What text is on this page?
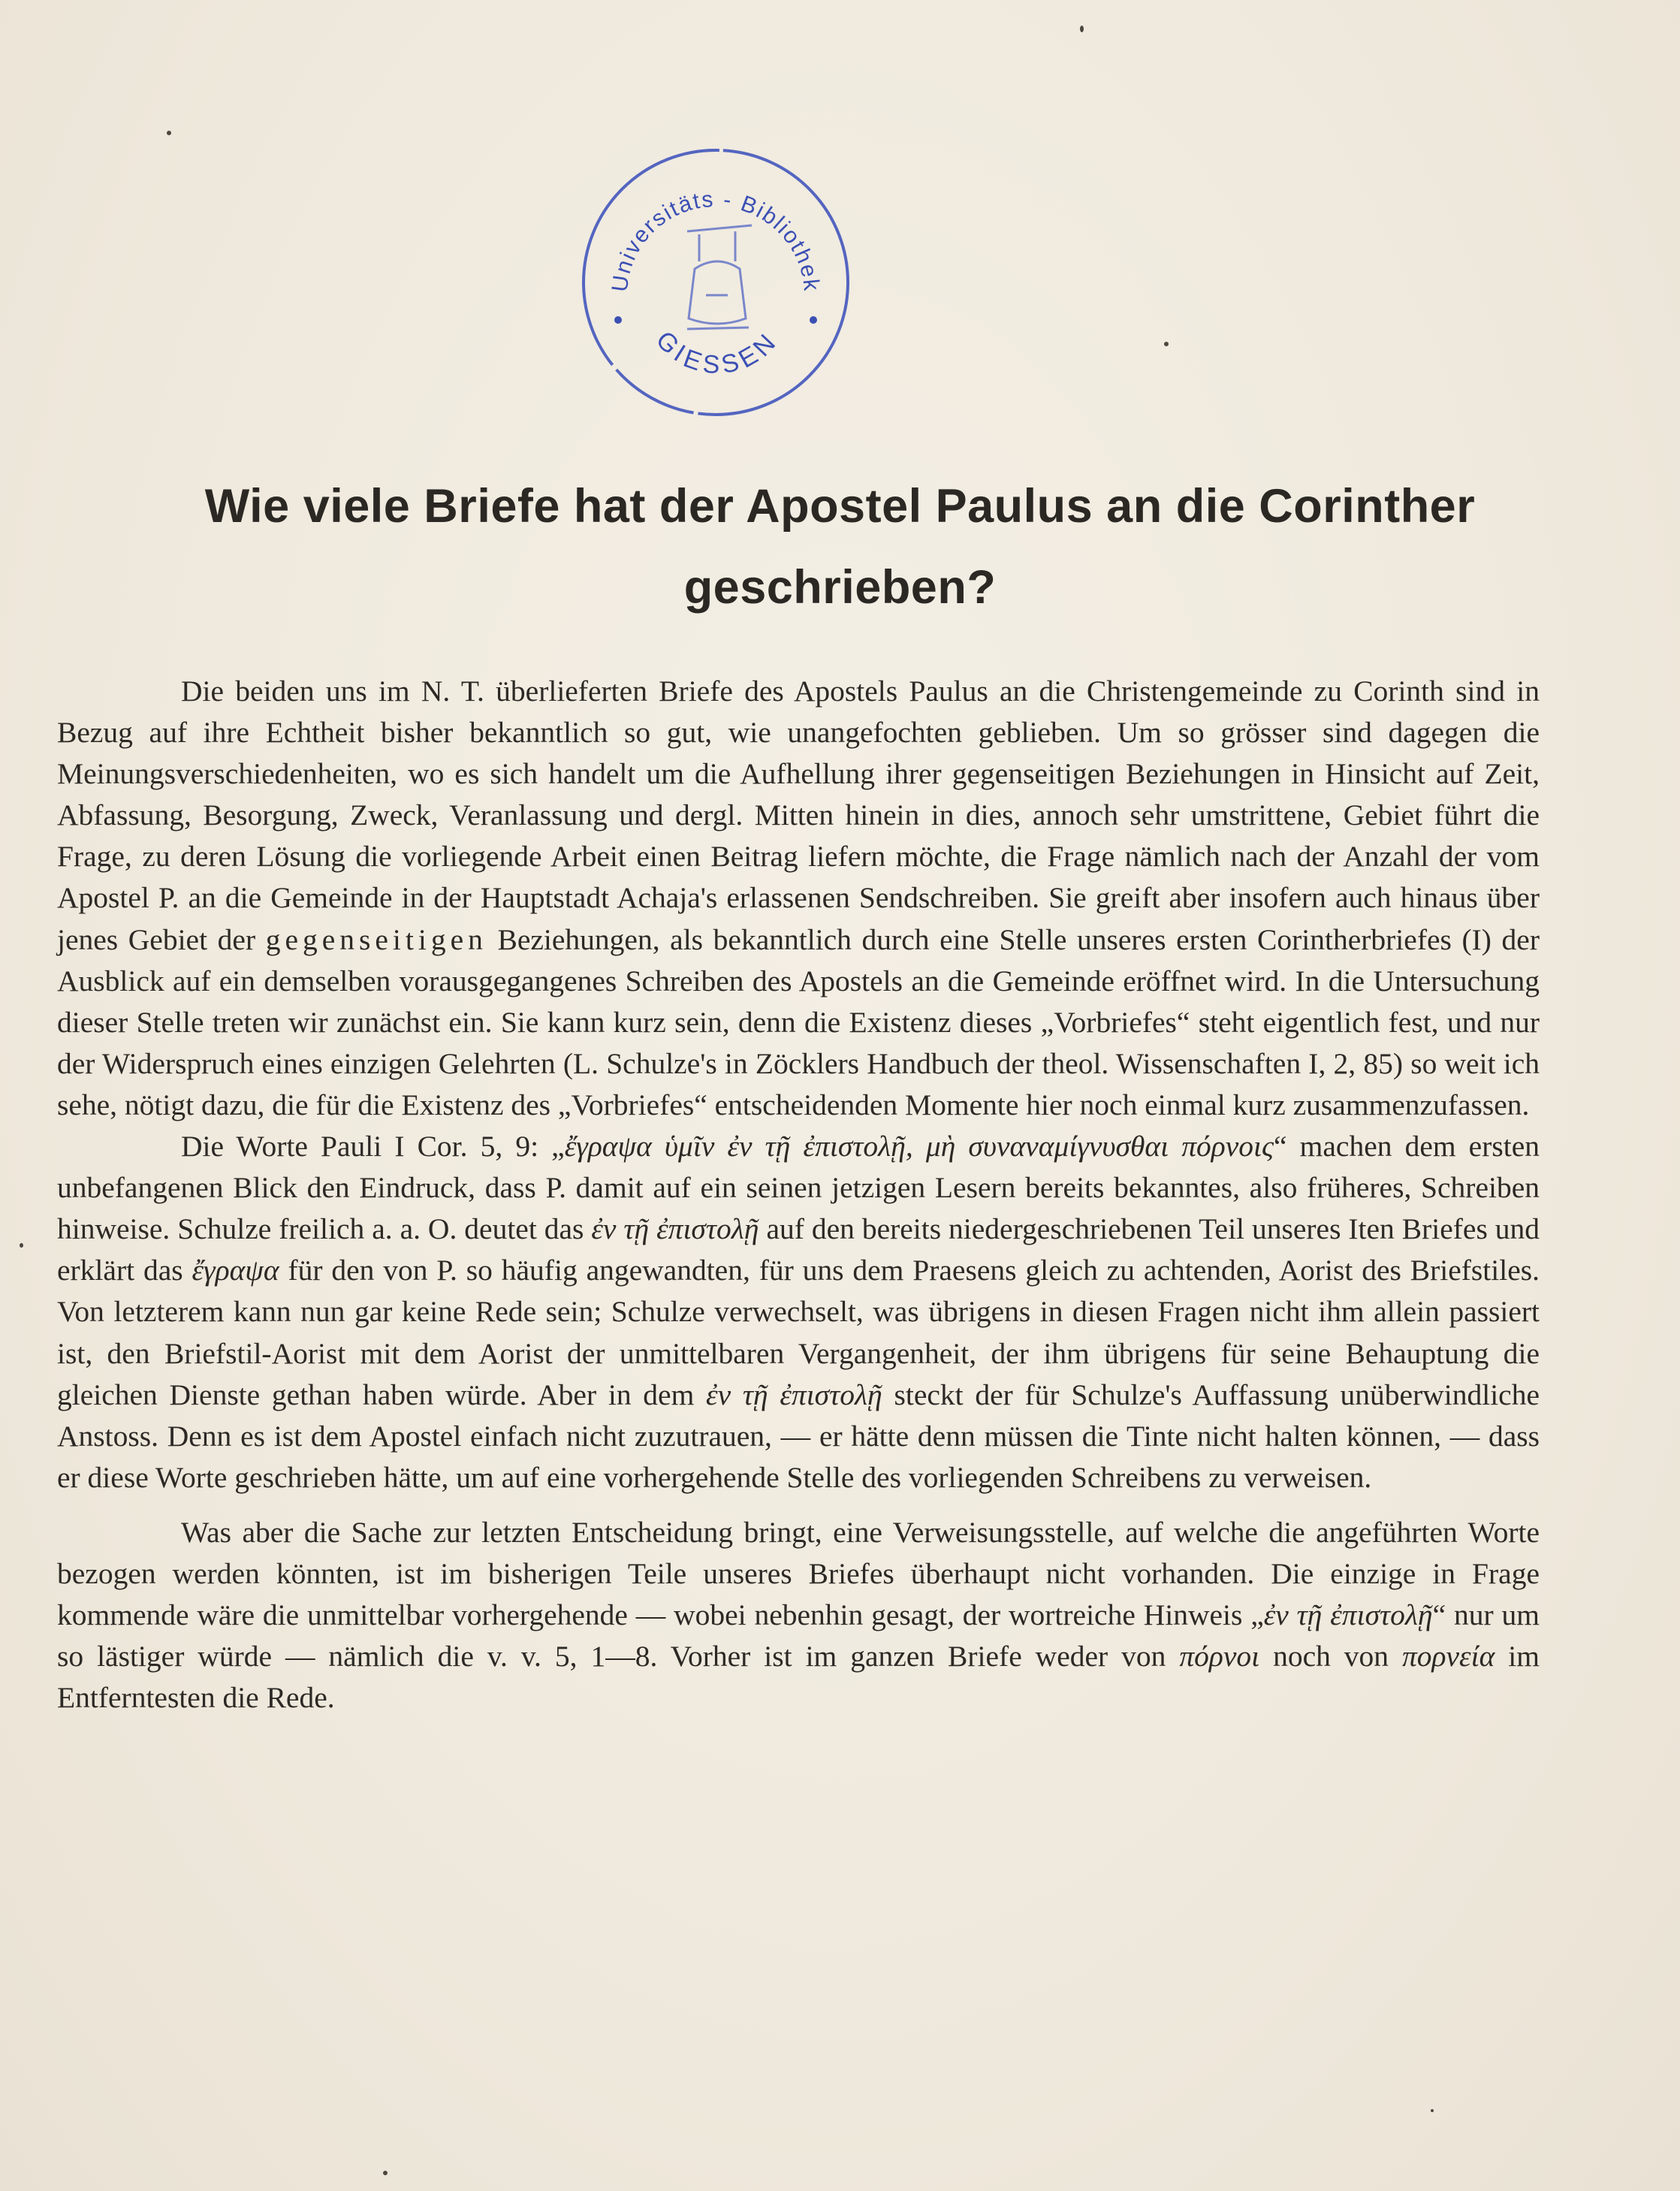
Universitäts - Bibliothek
GIESSEN
Wie viele Briefe hat der Apostel Paulus an die Corinther
geschrieben?

Die beiden uns im N. T. überlieferten Briefe des Apostels Paulus an die Christengemeinde zu Corinth sind in Bezug auf ihre Echtheit bisher bekanntlich so gut, wie unangefochten geblieben. Um so grösser sind dagegen die Meinungsverschiedenheiten, wo es sich handelt um die Aufhellung ihrer gegenseitigen Beziehungen in Hinsicht auf Zeit, Abfassung, Besorgung, Zweck, Veranlassung und dergl. Mitten hinein in dies, annoch sehr umstrittene, Gebiet führt die Frage, zu deren Lösung die vorliegende Arbeit einen Beitrag liefern möchte, die Frage nämlich nach der Anzahl der vom Apostel P. an die Gemeinde in der Hauptstadt Achaja's erlassenen Sendschreiben. Sie greift aber insofern auch hinaus über jenes Gebiet der gegenseitigen Beziehungen, als bekanntlich durch eine Stelle unseres ersten Corintherbriefes (I) der Ausblick auf ein demselben vorausgegangenes Schreiben des Apostels an die Gemeinde eröffnet wird. In die Untersuchung dieser Stelle treten wir zunächst ein. Sie kann kurz sein, denn die Existenz dieses „Vorbriefes“ steht eigentlich fest, und nur der Widerspruch eines einzigen Gelehrten (L. Schulze's in Zöcklers Handbuch der theol. Wissenschaften I, 2, 85) so weit ich sehe, nötigt dazu, die für die Existenz des „Vorbriefes“ entscheidenden Momente hier noch einmal kurz zusammenzufassen.

Die Worte Pauli I Cor. 5, 9: „ἔγραψα ὑμῖν ἐν τῇ ἐπιστολῇ, μὴ συναναμίγνυσθαι πόρνοις“ machen dem ersten unbefangenen Blick den Eindruck, dass P. damit auf ein seinen jetzigen Lesern bereits bekanntes, also früheres, Schreiben hinweise. Schulze freilich a. a. O. deutet das ἐν τῇ ἐπιστολῇ auf den bereits niedergeschriebenen Teil unseres Iten Briefes und erklärt das ἔγραψα für den von P. so häufig angewandten, für uns dem Praesens gleich zu achtenden, Aorist des Briefstiles. Von letzterem kann nun gar keine Rede sein; Schulze verwechselt, was übrigens in diesen Fragen nicht ihm allein passiert ist, den Briefstil-Aorist mit dem Aorist der unmittelbaren Vergangenheit, der ihm übrigens für seine Behauptung die gleichen Dienste gethan haben würde. Aber in dem ἐν τῇ ἐπιστολῇ steckt der für Schulze's Auffassung unüberwindliche Anstoss. Denn es ist dem Apostel einfach nicht zuzutrauen, — er hätte denn müssen die Tinte nicht halten können, — dass er diese Worte geschrieben hätte, um auf eine vorhergehende Stelle des vorliegenden Schreibens zu verweisen.

Was aber die Sache zur letzten Entscheidung bringt, eine Verweisungsstelle, auf welche die angeführten Worte bezogen werden könnten, ist im bisherigen Teile unseres Briefes überhaupt nicht vorhanden. Die einzige in Frage kommende wäre die unmittelbar vorhergehende — wobei nebenhin gesagt, der wortreiche Hinweis „ἐν τῇ ἐπιστολῇ“ nur um so lästiger würde — nämlich die v. v. 5, 1—8. Vorher ist im ganzen Briefe weder von πόρνοι noch von πορνεία im Entferntesten die Rede.
